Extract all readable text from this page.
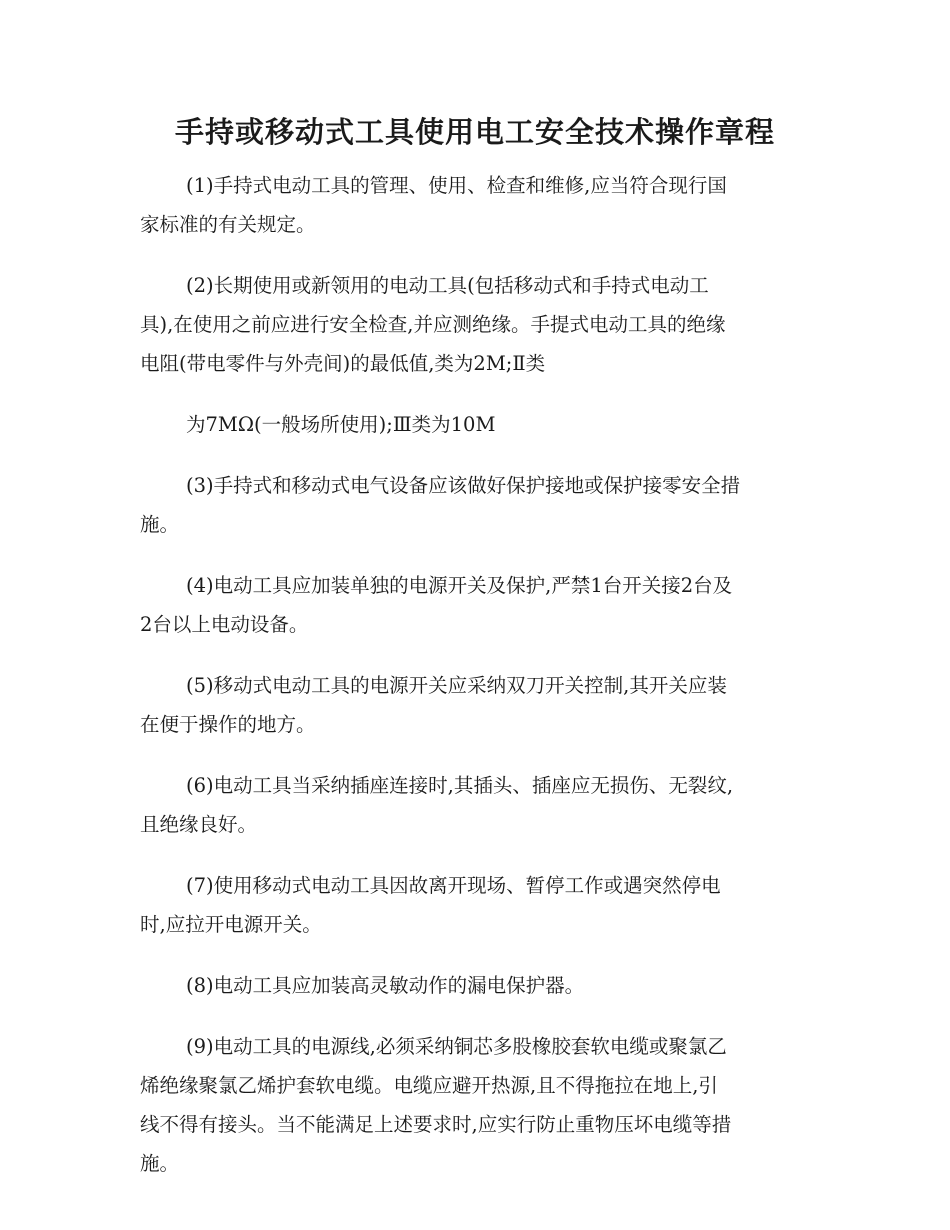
手持或移动式工具使用电工安全技术操作章程

(1)手持式电动工具的管理、使用、检查和维修,应当符合现行国
家标准的有关规定。

(2)长期使用或新领用的电动工具(包括移动式和手持式电动工
具),在使用之前应进行安全检查,并应测绝缘。手提式电动工具的绝缘
电阻(带电零件与外壳间)的最低值,类为2M;Ⅱ类

为7MΩ(一般场所使用);Ⅲ类为10M

(3)手持式和移动式电气设备应该做好保护接地或保护接零安全措
施。

(4)电动工具应加装单独的电源开关及保护,严禁1台开关接2台及
2台以上电动设备。

(5)移动式电动工具的电源开关应采纳双刀开关控制,其开关应装
在便于操作的地方。

(6)电动工具当采纳插座连接时,其插头、插座应无损伤、无裂纹,
且绝缘良好。

(7)使用移动式电动工具因故离开现场、暂停工作或遇突然停电
时,应拉开电源开关。

(8)电动工具应加装高灵敏动作的漏电保护器。

(9)电动工具的电源线,必须采纳铜芯多股橡胶套软电缆或聚氯乙
烯绝缘聚氯乙烯护套软电缆。电缆应避开热源,且不得拖拉在地上,引
线不得有接头。当不能满足上述要求时,应实行防止重物压坏电缆等措
施。
